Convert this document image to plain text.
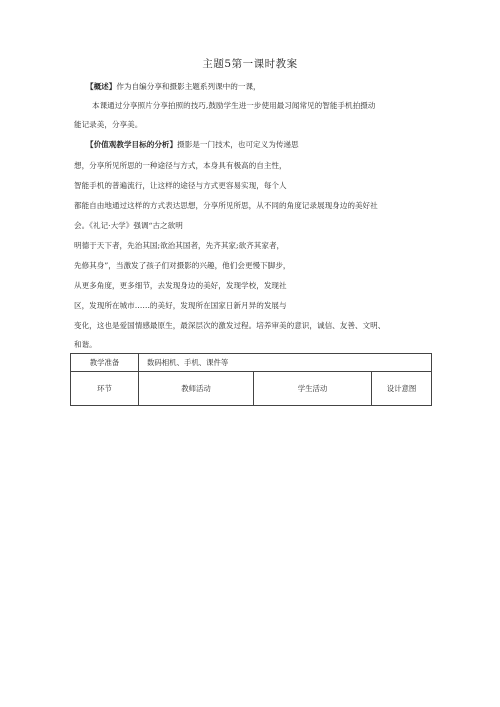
主题5第一课时教案
【概述】作为自编分享和摄影主题系列课中的一课，
本课通过分享照片分享拍照的技巧,鼓励学生进一步使用最习闻常见的智能手机拍摄动
能记录美，分享美。
【价值观教学目标的分析】摄影是一门技术，也可定义为传递思
想，分享所见所思的一种途径与方式，本身具有极高的自主性，
智能手机的普遍流行，让这样的途径与方式更容易实现，每个人
都能自由地通过这样的方式表达思想，分享所见所思，从不同的角度记录展现身边的美好社
会。《礼记·大学》强调“古之欲明
明德于天下者，先治其国;欲治其国者，先齐其家;欲齐其家者，
先修其身”，当激发了孩子们对摄影的兴趣，他们会更慢下脚步，
从更多角度，更多细节，去发现身边的美好，发现学校，发现社
区，发现所在城市……的美好，发现所在国家日新月异的发展与
变化，这也是爱国情感最原生，最深层次的激发过程。培养审美的意识，诚信、友善、文明、
和谐。
教学准备	数码相机、手机、课件等		
环节	教师活动	学生活动	设计意图
